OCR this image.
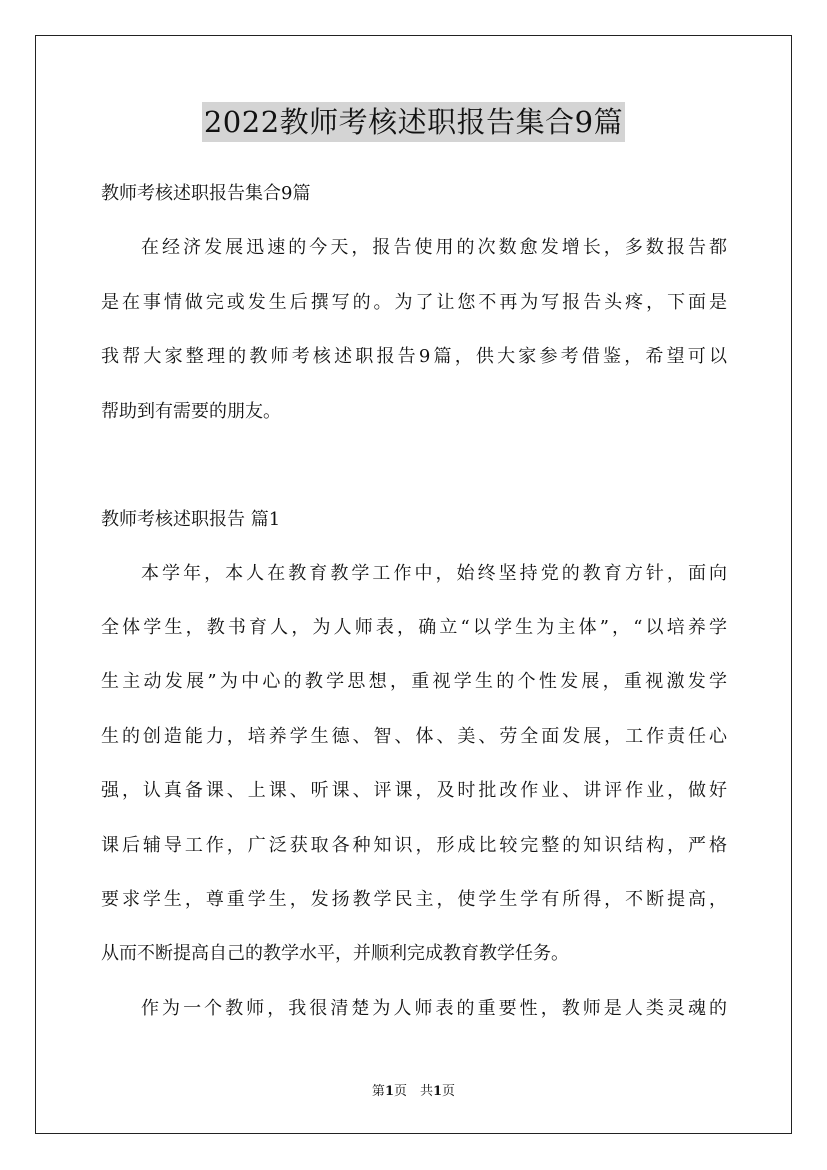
2022教师考核述职报告集合9篇
教师考核述职报告集合9篇
在经济发展迅速的今天，报告使用的次数愈发增长，多数报告都
是在事情做完或发生后撰写的。为了让您不再为写报告头疼，下面是
我帮大家整理的教师考核述职报告9篇，供大家参考借鉴，希望可以
帮助到有需要的朋友。
教师考核述职报告 篇1
本学年，本人在教育教学工作中，始终坚持党的教育方针，面向
全体学生，教书育人，为人师表，确立“以学生为主体”，“以培养学
生主动发展”为中心的教学思想，重视学生的个性发展，重视激发学
生的创造能力，培养学生德、智、体、美、劳全面发展，工作责任心
强，认真备课、上课、听课、评课，及时批改作业、讲评作业，做好
课后辅导工作，广泛获取各种知识，形成比较完整的知识结构，严格
要求学生，尊重学生，发扬教学民主，使学生学有所得，不断提高，
从而不断提高自己的教学水平，并顺利完成教育教学任务。
作为一个教师，我很清楚为人师表的重要性，教师是人类灵魂的
第1页　共1页
